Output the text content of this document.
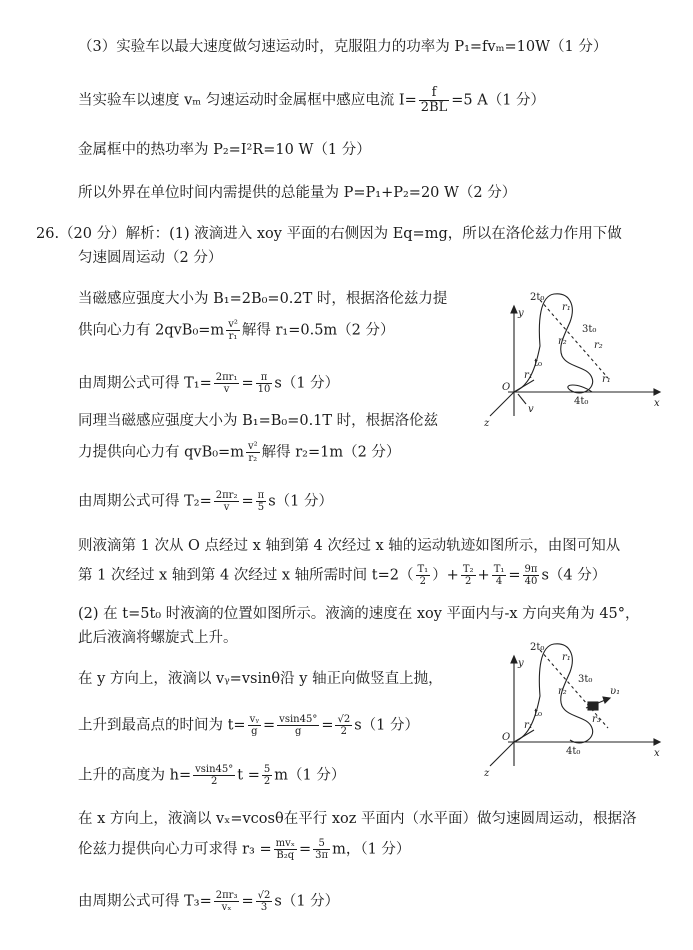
（3）实验车以最大速度做匀速运动时，克服阻力的功率为 P₁=fvₘ=10W（1 分）
当实验车以速度 vₘ 匀速运动时金属框中感应电流 $I= \frac{f}{2BL} =5$ A（1 分）
金属框中的热功率为 P₂=I²R=10 W（1 分）
所以外界在单位时间内需提供的总能量为 P=P₁+P₂=20 W（2 分）
26.（20 分）解析：(1) 液滴进入 xoy 平面的右侧因为 Eq=mg，所以在洛伦兹力作用下做
匀速圆周运动（2 分）
当磁感应强度大小为 B₁=2B₀=0.2T 时，根据洛伦兹力提
供向心力有 $2qvB_0=m \frac{\text{v²}}{\text{r₁}}$ 解得 r₁=0.5m（2 分）
由周期公式可得 $T_1= \frac{\text{2πr₁}}{v} = \frac{\pi}{10} s(1$ 分）
同理当磁感应强度大小为 B₁=B₀=0.1T 时，根据洛伦兹
力提供向心力有 $qvB_0=m \frac{\text{v²}}{\text{r₂}}$ 解得 r₂=1m（2 分）
由周期公式可得 $T_2= \frac{\text{2πr₂}}{v} = \frac{\pi}{5} s(1$ 分）
则液滴第 1 次从 O 点经过 x 轴到第 4 次经过 x 轴的运动轨迹如图所示，由图可知从
第 1 次经过 x 轴到第 4 次经过 x 轴所需时间 $t=2( \frac{\text{T₁}}{2}$ ）+ $\frac{\text{T₂}}{2} + \frac{\text{T₁}}{4} = \frac{9\pi}{40} s(4$ 分）
(2) 在 t=5t₀ 时液滴的位置如图所示。液滴的速度在 xoy 平面内与-x 方向夹角为 45°，
此后液滴将螺旋式上升。
在 y 方向上，液滴以 vᵧ=vsinθ沿 y 轴正向做竖直上抛，
上升到最高点的时间为 $t= \frac{\text{vᵧ}}{g} = \frac{vsin45^\circ}{g} = \frac{√2}{2} s(1$ 分）
上升的高度为 $h= \frac{vsin45^\circ}{2}$ $t = \frac{5}{2} m(1$ 分）
在 x 方向上，液滴以 vₓ=vcosθ在平行 xoz 平面内（水平面）做匀速圆周运动，根据洛
伦兹力提供向心力可求得 $r_3 = \frac{\text{mvₓ}}{\text{B₂q}} = \frac{5}{3\pi}$ m，（1 分）
由周期公式可得 $T_3= \frac{\text{2πr₃}}{\text{vₓ}} = \frac{√2}{3} s(1$ 分）
2t₀
r₁
r₂
3t₀
r₂
t₀
r₁	r₁
4t₀
O
x
y
z
v
2t₀
r₁
r₂
3t₀
υ₁
t₀
r₁
r₃
4t₀
O
x
y
z
